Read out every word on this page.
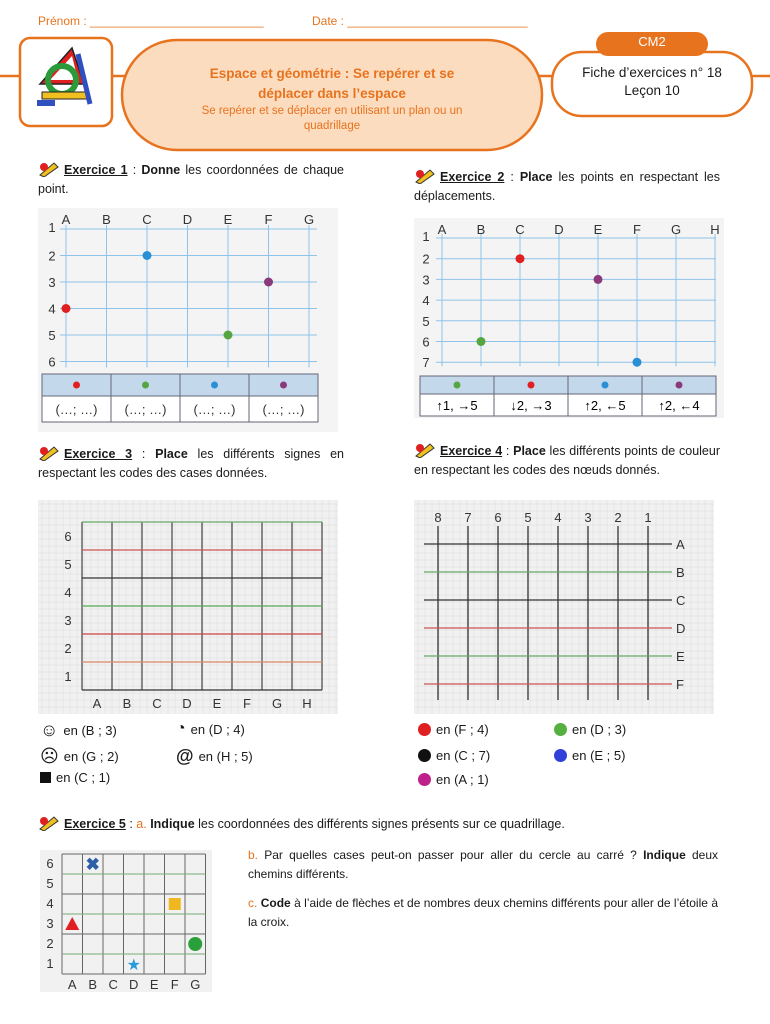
Prénom : __________________________	Date : ___________________________
Espace et géométrie : Se repérer et se
déplacer dans l’espace
Se repérer et se déplacer en utilisant un plan ou un
quadrillage
CM2
Fiche d’exercices n° 18
Leçon 10
Exercice 1 : Donne les coordonnées de chaque point.
A B C D E F G
1
2
3
4
5
6
(…; …) (…; …) (…; …) (…; …)
Exercice 2 : Place les points en respectant les déplacements.
A B C D E F G H
1
2
3
4
5
6
7
↑1, →5	↓2, →3	↑2, ←5	↑2, ←4
Exercice 3 : Place les différents signes en respectant les codes des cases données.
A B C D E F G H
1
2
3
4
5
6
☺ en (B ; 3)	◔ en (D ; 4)
☹ en (G ; 2)	@ en (H ; 5)
en (C ; 1)
Exercice 4 : Place les différents points de couleur en respectant les codes des nœuds donnés.
8 7 6 5 4 3 2 1
A
B
C
D
E
F
en (F ; 4)	en (D ; 3)
en (C ; 7)	en (E ; 5)
en (A ; 1)
Exercice 5 : a. Indique les coordonnées des différents signes présents sur ce quadrillage.
A B C D E F G
1
2
3
4
5
6 ✖
★
b. Par quelles cases peut-on passer pour aller du cercle au carré ? Indique deux chemins différents.
c. Code à l’aide de flèches et de nombres deux chemins différents pour aller de l’étoile à la croix.
